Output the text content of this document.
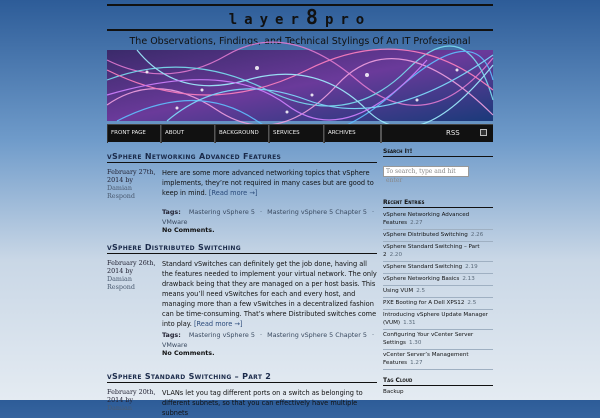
layer8pro
The Observations, Findings, and Technical Stylings Of An IT Professional
FRONT PAGE	ABOUT	BACKGROUND	SERVICES	ARCHIVES	RSS
vSphere Networking Advanced Features
February 27th, 2014 by Damian Respond
Here are some more advanced networking topics that vSphere implements, they’re not required in many cases but are good to keep in mind. [Read more →]
Tags: Mastering vSphere 5 · Mastering vSphere 5 Chapter 5 ·
VMware
No Comments.
vSphere Distributed Switching
February 26th, 2014 by Damian Respond
Standard vSwitches can definitely get the job done, having all the features needed to implement your virtual network. The only drawback being that they are managed on a per host basis. This means you’ll need vSwitches for each and every host, and managing more than a few vSwitches in a decentralized fashion can be time-consuming. That’s where Distributed switches come into play. [Read more →]
Tags: Mastering vSphere 5 · Mastering vSphere 5 Chapter 5 ·
VMware
No Comments.
vSphere Standard Switching – Part 2
February 20th, 2014 by Damian
VLANs let you tag different ports on a switch as belonging to different subnets, so that you can effectively have multiple subnets
Search It!
To search, type and hit enter
Recent Entries
vSphere Networking Advanced Features 2.27
vSphere Distributed Switching 2.26
vSphere Standard Switching – Part 2 2.20
vSphere Standard Switching 2.19
vSphere Networking Basics 2.13
Using VUM 2.5
PXE Booting for A Dell XPS12 2.5
Introducing vSphere Update Manager (VUM) 1.31
Configuring Your vCenter Server Settings 1.30
vCenter Server’s Management Features 1.27
Tag Cloud
Backup
